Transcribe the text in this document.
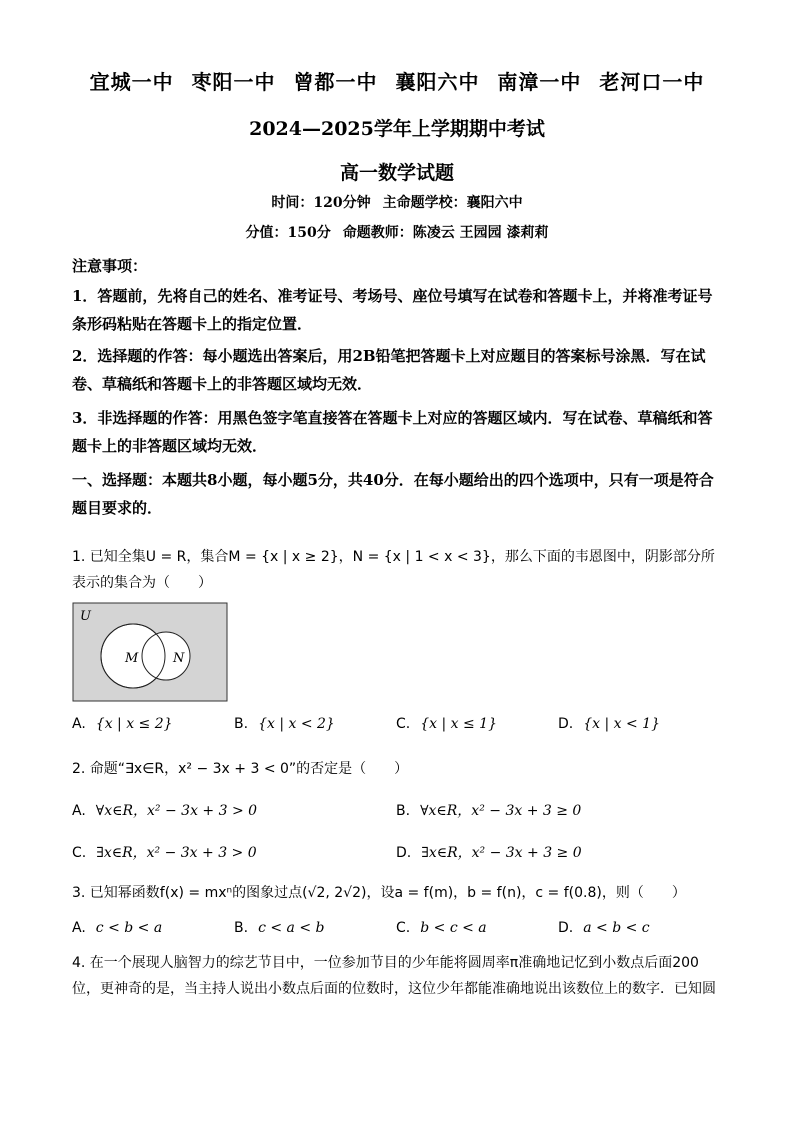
宜城一中 枣阳一中 曾都一中 襄阳六中 南漳一中 老河口一中
2024—2025学年上学期期中考试
高一数学试题
时间：120分钟 主命题学校：襄阳六中
分值：150分 命题教师：陈凌云 王园园 漆莉莉
注意事项：
1．答题前，先将自己的姓名、准考证号、考场号、座位号填写在试卷和答题卡上，并将准考证号条形码粘贴在答题卡上的指定位置．
2．选择题的作答：每小题选出答案后，用2B铅笔把答题卡上对应题目的答案标号涂黑．写在试卷、草稿纸和答题卡上的非答题区域均无效．
3．非选择题的作答：用黑色签字笔直接答在答题卡上对应的答题区域内．写在试卷、草稿纸和答题卡上的非答题区域均无效．
一、选择题：本题共8小题，每小题5分，共40分．在每小题给出的四个选项中，只有一项是符合题目要求的．
1. 已知全集U = R，集合M = {x | x ≥ 2}，N = {x | 1 < x < 3}，那么下面的韦恩图中，阴影部分所表示的集合为（　　）
U
M	N
A. {x | x ≤ 2}	B. {x | x < 2}	C. {x | x ≤ 1}	D. {x | x < 1}
2. 命题“∃x∈R，x² − 3x + 3 < 0”的否定是（　　）
A. ∀x∈R，x² − 3x + 3 > 0	B. ∀x∈R，x² − 3x + 3 ≥ 0
C. ∃x∈R，x² − 3x + 3 > 0	D. ∃x∈R，x² − 3x + 3 ≥ 0
3. 已知幂函数f(x) = mxⁿ的图象过点(√2, 2√2)，设a = f(m)，b = f(n)，c = f(0.8)，则（　　）
A. c < b < a	B. c < a < b	C. b < c < a	D. a < b < c
4. 在一个展现人脑智力的综艺节目中，一位参加节目的少年能将圆周率π准确地记忆到小数点后面200位，更神奇的是，当主持人说出小数点后面的位数时，这位少年都能准确地说出该数位上的数字．已知圆
